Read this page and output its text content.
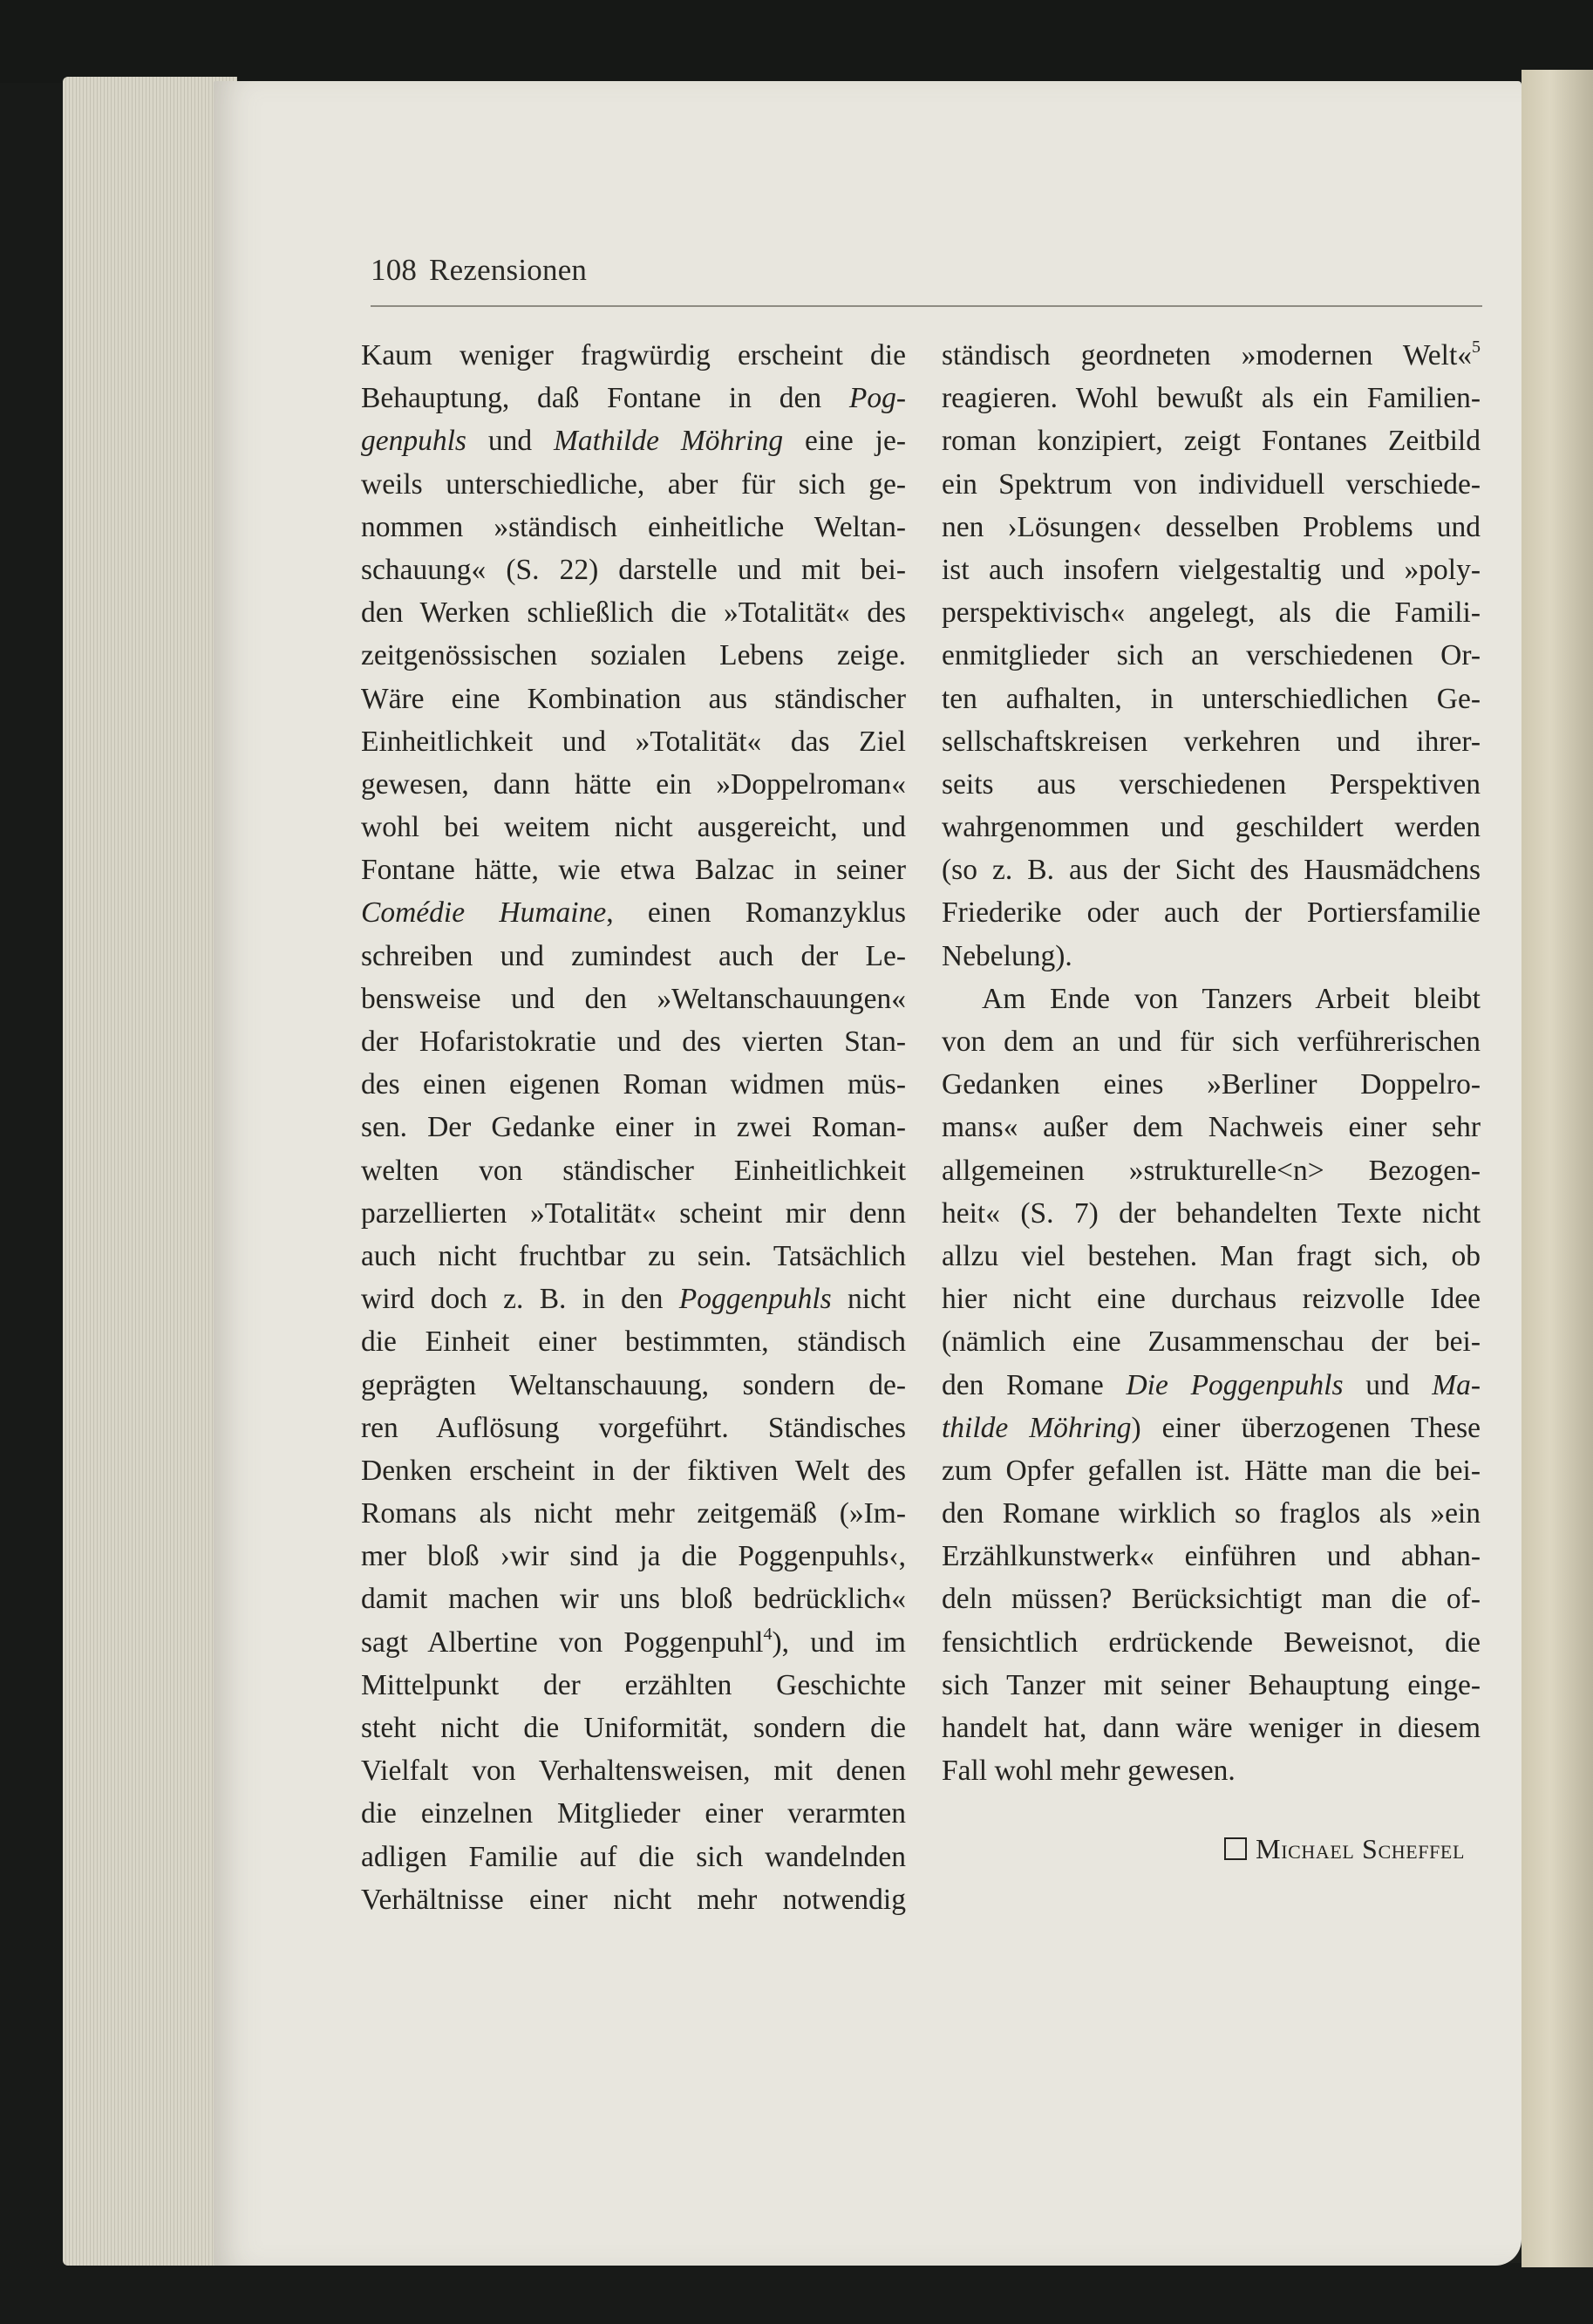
108 Rezensionen
Kaum weniger fragwürdig erscheint die
Behauptung, daß Fontane in den Pog-
genpuhls und Mathilde Möhring eine je-
weils unterschiedliche, aber für sich ge-
nommen »ständisch einheitliche Weltan-
schauung« (S. 22) darstelle und mit bei-
den Werken schließlich die »Totalität« des
zeitgenössischen sozialen Lebens zeige.
Wäre eine Kombination aus ständischer
Einheitlichkeit und »Totalität« das Ziel
gewesen, dann hätte ein »Doppelroman«
wohl bei weitem nicht ausgereicht, und
Fontane hätte, wie etwa Balzac in seiner
Comédie Humaine, einen Romanzyklus
schreiben und zumindest auch der Le-
bensweise und den »Weltanschauungen«
der Hofaristokratie und des vierten Stan-
des einen eigenen Roman widmen müs-
sen. Der Gedanke einer in zwei Roman-
welten von ständischer Einheitlichkeit
parzellierten »Totalität« scheint mir denn
auch nicht fruchtbar zu sein. Tatsächlich
wird doch z. B. in den Poggenpuhls nicht
die Einheit einer bestimmten, ständisch
geprägten Weltanschauung, sondern de-
ren Auflösung vorgeführt. Ständisches
Denken erscheint in der fiktiven Welt des
Romans als nicht mehr zeitgemäß (»Im-
mer bloß ›wir sind ja die Poggenpuhls‹,
damit machen wir uns bloß bedrücklich«
sagt Albertine von Poggenpuhl$^4$), und im
Mittelpunkt der erzählten Geschichte
steht nicht die Uniformität, sondern die
Vielfalt von Verhaltensweisen, mit denen
die einzelnen Mitglieder einer verarmten
adligen Familie auf die sich wandelnden
Verhältnisse einer nicht mehr notwendig
ständisch geordneten »modernen Welt«$^5$
reagieren. Wohl bewußt als ein Familien-
roman konzipiert, zeigt Fontanes Zeitbild
ein Spektrum von individuell verschiede-
nen ›Lösungen‹ desselben Problems und
ist auch insofern vielgestaltig und »poly-
perspektivisch« angelegt, als die Famili-
enmitglieder sich an verschiedenen Or-
ten aufhalten, in unterschiedlichen Ge-
sellschaftskreisen verkehren und ihrer-
seits aus verschiedenen Perspektiven
wahrgenommen und geschildert werden
(so z. B. aus der Sicht des Hausmädchens
Friederike oder auch der Portiersfamilie
Nebelung).
Am Ende von Tanzers Arbeit bleibt
von dem an und für sich verführerischen
Gedanken eines »Berliner Doppelro-
mans« außer dem Nachweis einer sehr
allgemeinen »strukturelle<n> Bezogen-
heit« (S. 7) der behandelten Texte nicht
allzu viel bestehen. Man fragt sich, ob
hier nicht eine durchaus reizvolle Idee
(nämlich eine Zusammenschau der bei-
den Romane Die Poggenpuhls und Ma-
thilde Möhring) einer überzogenen These
zum Opfer gefallen ist. Hätte man die bei-
den Romane wirklich so fraglos als »ein
Erzählkunstwerk« einführen und abhan-
deln müssen? Berücksichtigt man die of-
fensichtlich erdrückende Beweisnot, die
sich Tanzer mit seiner Behauptung einge-
handelt hat, dann wäre weniger in diesem
Fall wohl mehr gewesen.
Michael Scheffel
